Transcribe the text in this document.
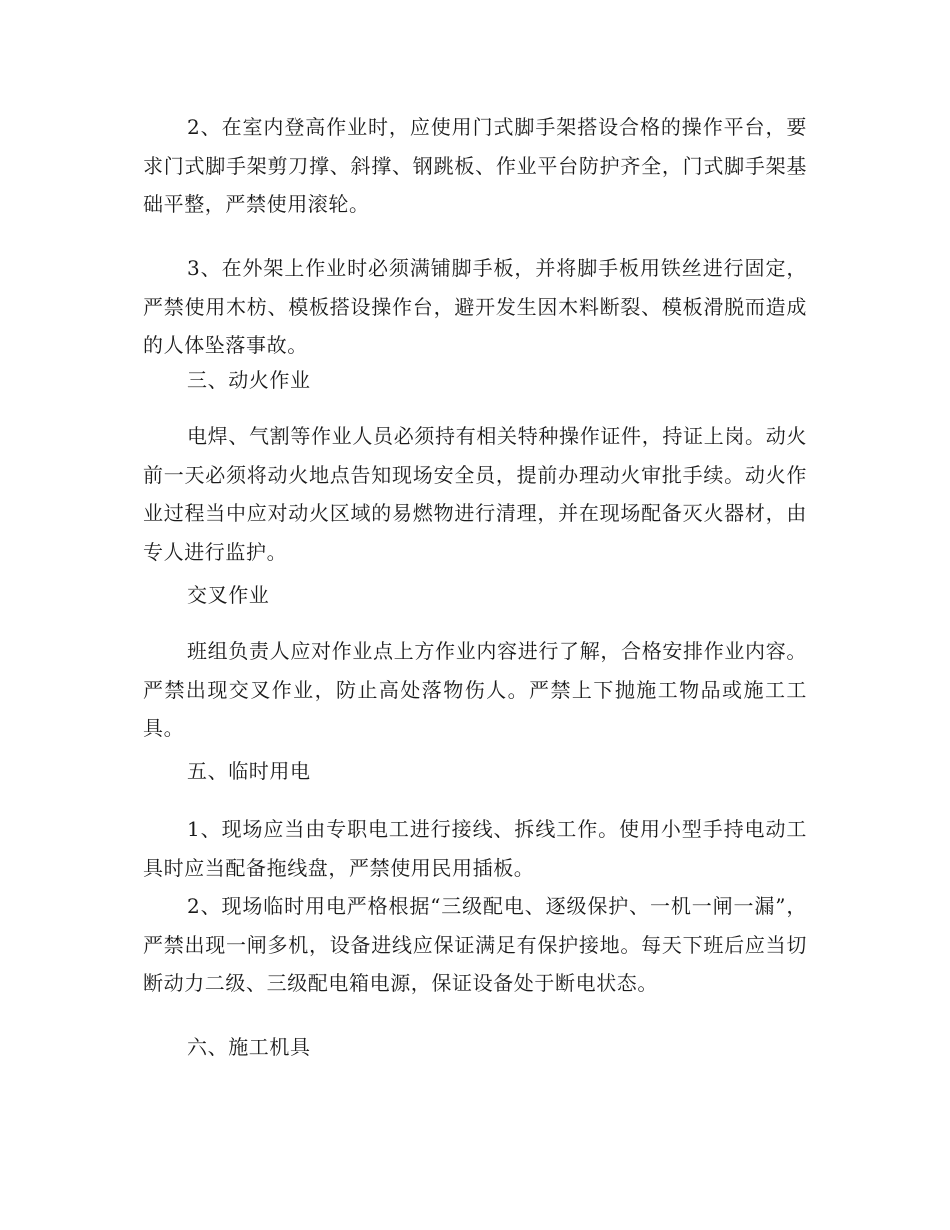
2、在室内登高作业时，应使用门式脚手架搭设合格的操作平台，要求门式脚手架剪刀撑、斜撑、钢跳板、作业平台防护齐全，门式脚手架基础平整，严禁使用滚轮。

3、在外架上作业时必须满铺脚手板，并将脚手板用铁丝进行固定，严禁使用木枋、模板搭设操作台，避开发生因木料断裂、模板滑脱而造成的人体坠落事故。

三、动火作业

电焊、气割等作业人员必须持有相关特种操作证件，持证上岗。动火前一天必须将动火地点告知现场安全员，提前办理动火审批手续。动火作业过程当中应对动火区域的易燃物进行清理，并在现场配备灭火器材，由专人进行监护。

交叉作业

班组负责人应对作业点上方作业内容进行了解，合格安排作业内容。严禁出现交叉作业，防止高处落物伤人。严禁上下抛施工物品或施工工具。

五、临时用电

1、现场应当由专职电工进行接线、拆线工作。使用小型手持电动工具时应当配备拖线盘，严禁使用民用插板。

2、现场临时用电严格根据“三级配电、逐级保护、一机一闸一漏”，严禁出现一闸多机，设备进线应保证满足有保护接地。每天下班后应当切断动力二级、三级配电箱电源，保证设备处于断电状态。

六、施工机具
